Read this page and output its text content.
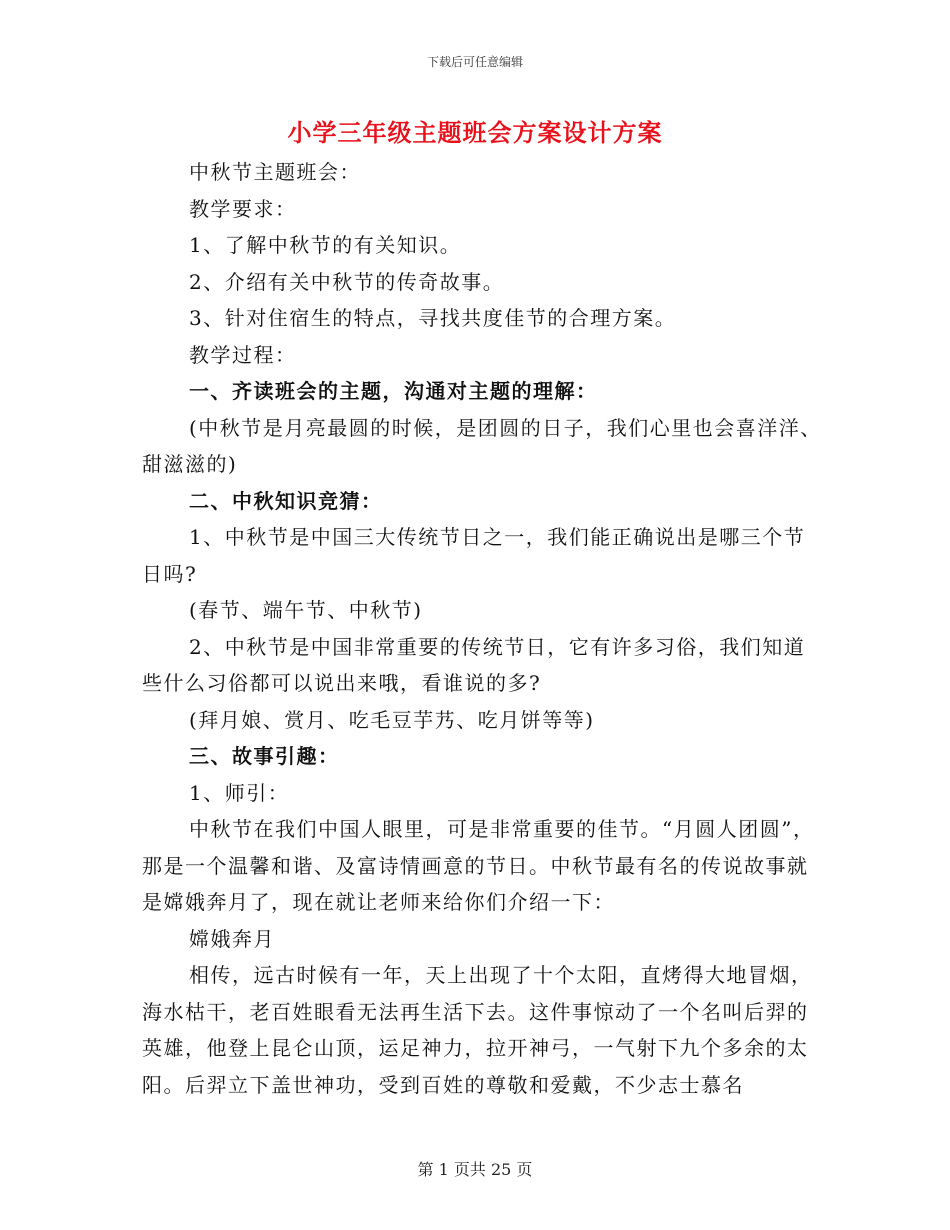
下载后可任意编辑
小学三年级主题班会方案设计方案

中秋节主题班会：

教学要求：

1、了解中秋节的有关知识。

2、介绍有关中秋节的传奇故事。

3、针对住宿生的特点，寻找共度佳节的合理方案。

教学过程：

一、齐读班会的主题，沟通对主题的理解：

(中秋节是月亮最圆的时候，是团圆的日子，我们心里也会喜洋洋、甜滋滋的)

二、中秋知识竞猜：

1、中秋节是中国三大传统节日之一，我们能正确说出是哪三个节日吗?

(春节、端午节、中秋节)

2、中秋节是中国非常重要的传统节日，它有许多习俗，我们知道些什么习俗都可以说出来哦，看谁说的多?

(拜月娘、赏月、吃毛豆芋艿、吃月饼等等)

三、故事引趣：

1、师引：

中秋节在我们中国人眼里，可是非常重要的佳节。“月圆人团圆”，那是一个温馨和谐、及富诗情画意的节日。中秋节最有名的传说故事就是嫦娥奔月了，现在就让老师来给你们介绍一下：

嫦娥奔月

相传，远古时候有一年，天上出现了十个太阳，直烤得大地冒烟，海水枯干，老百姓眼看无法再生活下去。这件事惊动了一个名叫后羿的英雄，他登上昆仑山顶，运足神力，拉开神弓，一气射下九个多余的太阳。后羿立下盖世神功，受到百姓的尊敬和爱戴，不少志士慕名

第 1 页共 25 页
